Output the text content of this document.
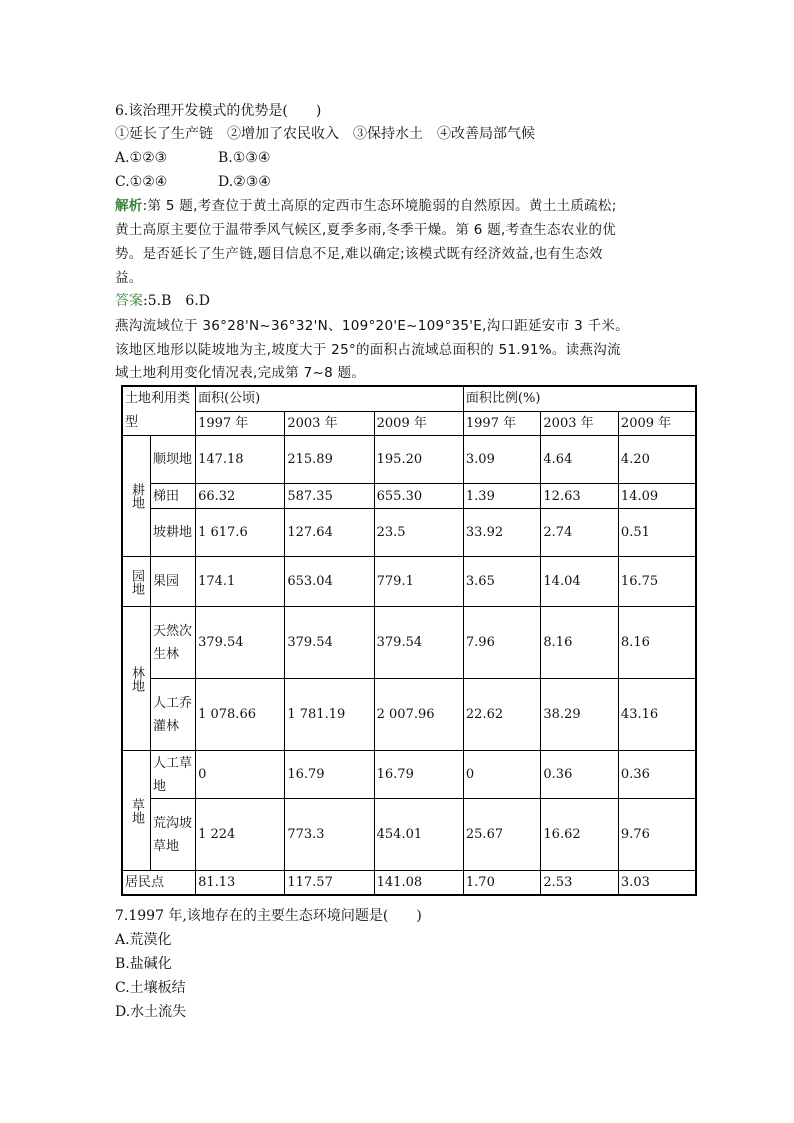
6.该治理开发模式的优势是(　　)
①延长了生产链　②增加了农民收入　③保持水土　④改善局部气候
A.①②③	B.①③④
C.①②④	D.②③④
解析:第 5 题,考查位于黄土高原的定西市生态环境脆弱的自然原因。黄土土质疏松;
黄土高原主要位于温带季风气候区,夏季多雨,冬季干燥。第 6 题,考查生态农业的优
势。是否延长了生产链,题目信息不足,难以确定;该模式既有经济效益,也有生态效
益。
答案:5.B　6.D
燕沟流域位于 36°28'N~36°32'N、109°20'E~109°35'E,沟口距延安市 3 千米。
该地区地形以陡坡地为主,坡度大于 25°的面积占流域总面积的 51.91%。读燕沟流
域土地利用变化情况表,完成第 7~8 题。
土地利用类型		面积(公顷)			面积比例(%)		
		1997 年	2003 年	2009 年	1997 年	2003 年	2009 年
耕地	顺坝地	147.18	215.89	195.20	3.09	4.64	4.20
	梯田	66.32	587.35	655.30	1.39	12.63	14.09
	坡耕地	1 617.6	127.64	23.5	33.92	2.74	0.51
园地	果园	174.1	653.04	779.1	3.65	14.04	16.75
林地	天然次生林	379.54	379.54	379.54	7.96	8.16	8.16
	人工乔灌林	1 078.66	1 781.19	2 007.96	22.62	38.29	43.16
草地	人工草地	0	16.79	16.79	0	0.36	0.36
	荒沟坡草地	1 224	773.3	454.01	25.67	16.62	9.76
居民点		81.13	117.57	141.08	1.70	2.53	3.03
7.1997 年,该地存在的主要生态环境问题是(　　)
A.荒漠化
B.盐碱化
C.土壤板结
D.水土流失
